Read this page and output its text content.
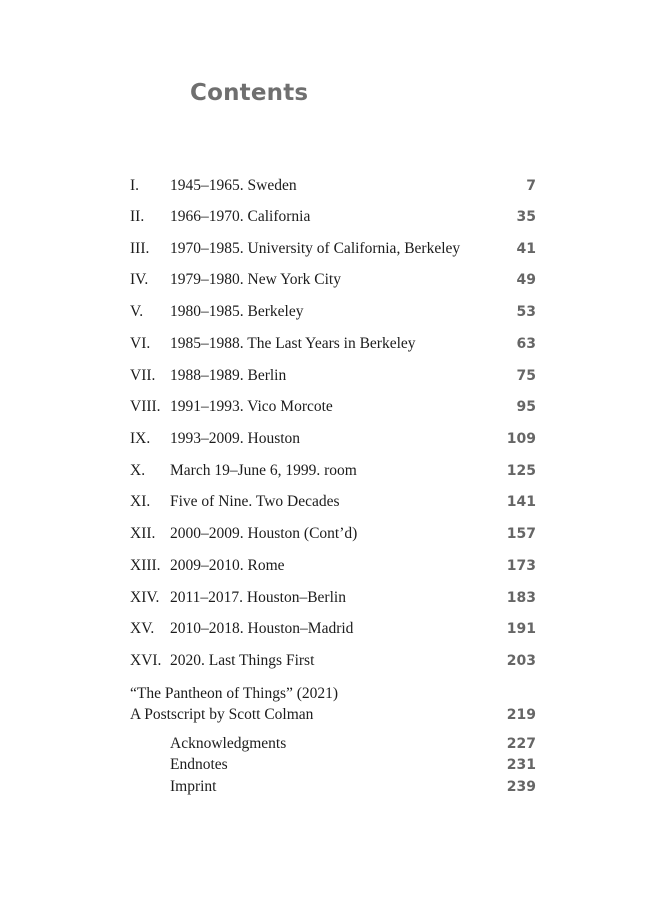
Contents
I. 1945–1965. Sweden	7
II. 1966–1970. California	35
III. 1970–1985. University of California, Berkeley	41
IV. 1979–1980. New York City	49
V. 1980–1985. Berkeley	53
VI. 1985–1988. The Last Years in Berkeley	63
VII. 1988–1989. Berlin	75
VIII. 1991–1993. Vico Morcote	95
IX. 1993–2009. Houston	109
X. March 19–June 6, 1999. room	125
XI. Five of Nine. Two Decades	141
XII. 2000–2009. Houston (Cont’d)	157
XIII. 2009–2010. Rome	173
XIV. 2011–2017. Houston–Berlin	183
XV. 2010–2018. Houston–Madrid	191
XVI. 2020. Last Things First	203
“The Pantheon of Things” (2021)
A Postscript by Scott Colman	219
Acknowledgments	227
Endnotes	231
Imprint	239
